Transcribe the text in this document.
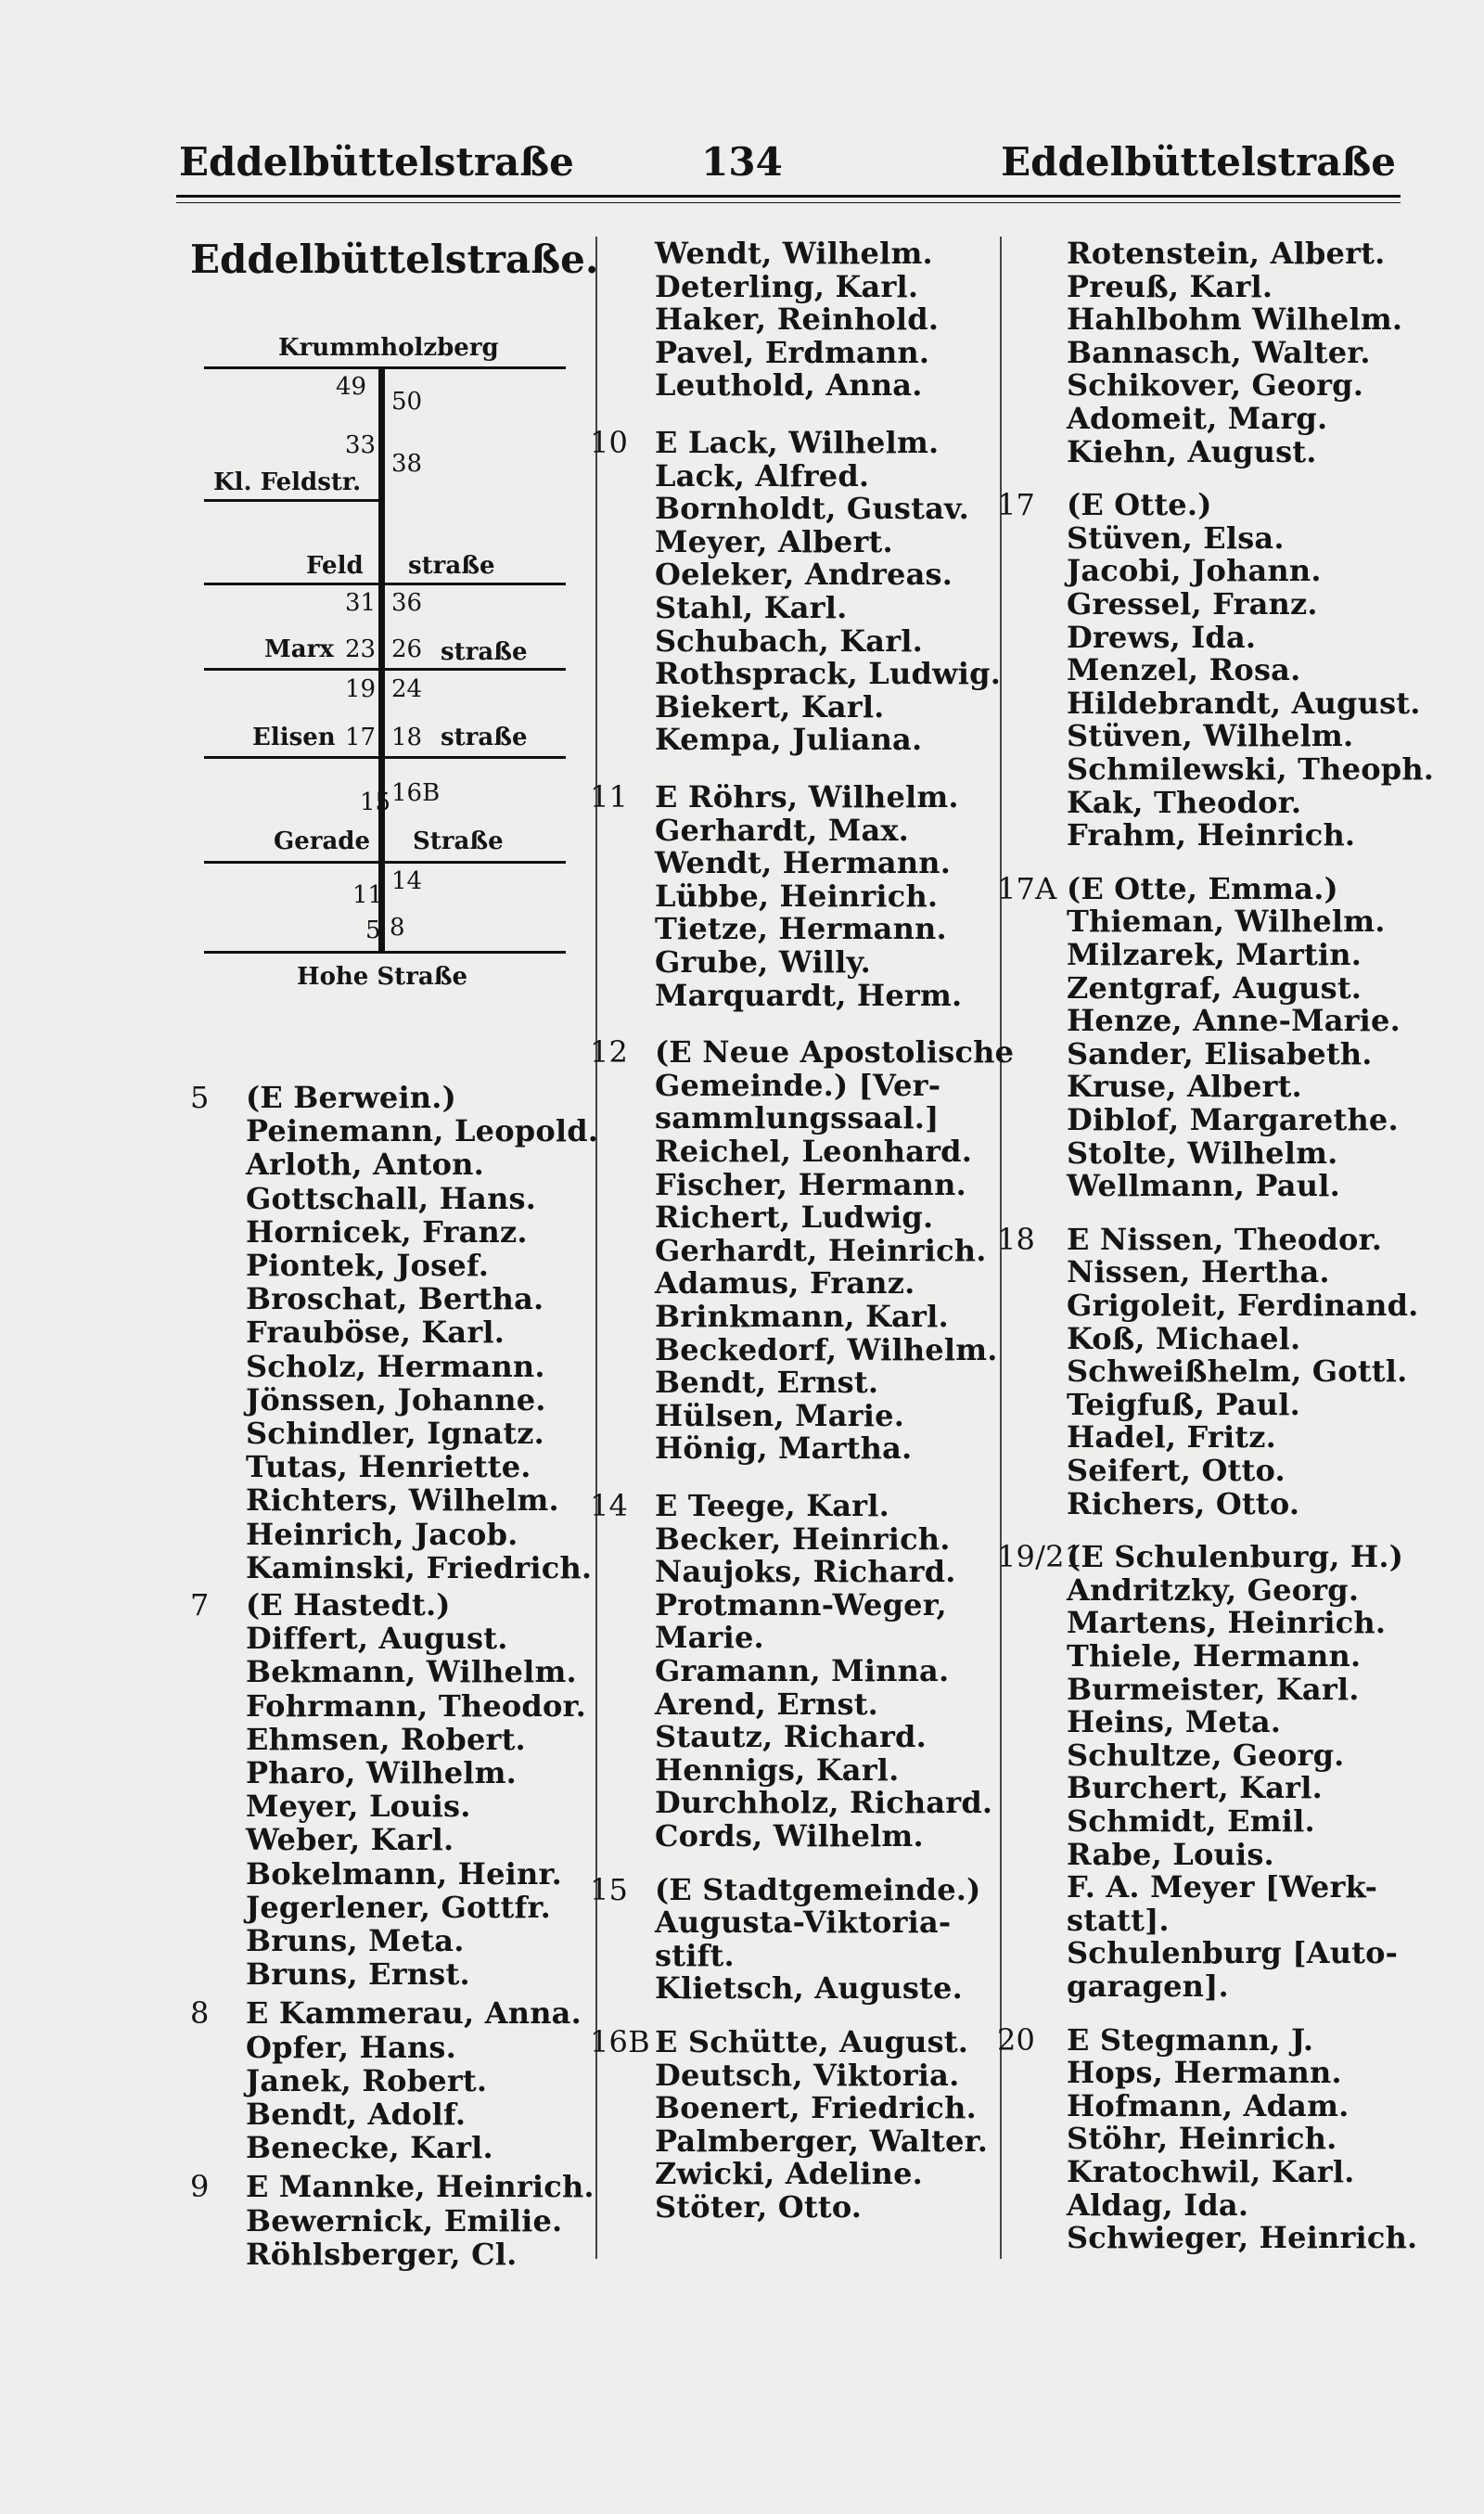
Eddelbüttelstraße	134	Eddelbüttelstraße
Eddelbüttelstraße.
Krummholzberg
49
50
33
38
Kl. Feldstr.
Feld straße
31 36
Marx 23 26 straße
19 24
Elisen 17 18 straße
15 16B
Gerade Straße
11 14
5 8
Hohe Straße
5 (E Berwein.)
Peinemann, Leopold.
Arloth, Anton.
Gottschall, Hans.
Hornicek, Franz.
Piontek, Josef.
Broschat, Bertha.
Frauböse, Karl.
Scholz, Hermann.
Jönssen, Johanne.
Schindler, Ignatz.
Tutas, Henriette.
Richters, Wilhelm.
Heinrich, Jacob.
Kaminski, Friedrich.
7 (E Hastedt.)
Differt, August.
Bekmann, Wilhelm.
Fohrmann, Theodor.
Ehmsen, Robert.
Pharo, Wilhelm.
Meyer, Louis.
Weber, Karl.
Bokelmann, Heinr.
Jegerlener, Gottfr.
Bruns, Meta.
Bruns, Ernst.
8 E Kammerau, Anna.
Opfer, Hans.
Janek, Robert.
Bendt, Adolf.
Benecke, Karl.
9 E Mannke, Heinrich.
Bewernick, Emilie.
Röhlsberger, Cl.
Wendt, Wilhelm.
Deterling, Karl.
Haker, Reinhold.
Pavel, Erdmann.
Leuthold, Anna.
10 E Lack, Wilhelm.
Lack, Alfred.
Bornholdt, Gustav.
Meyer, Albert.
Oeleker, Andreas.
Stahl, Karl.
Schubach, Karl.
Rothsprack, Ludwig.
Biekert, Karl.
Kempa, Juliana.
11 E Röhrs, Wilhelm.
Gerhardt, Max.
Wendt, Hermann.
Lübbe, Heinrich.
Tietze, Hermann.
Grube, Willy.
Marquardt, Herm.
12 (E Neue Apostolische
Gemeinde.) [Ver-
sammlungssaal.]
Reichel, Leonhard.
Fischer, Hermann.
Richert, Ludwig.
Gerhardt, Heinrich.
Adamus, Franz.
Brinkmann, Karl.
Beckedorf, Wilhelm.
Bendt, Ernst.
Hülsen, Marie.
Hönig, Martha.
14 E Teege, Karl.
Becker, Heinrich.
Naujoks, Richard.
Protmann-Weger,
Marie.
Gramann, Minna.
Arend, Ernst.
Stautz, Richard.
Hennigs, Karl.
Durchholz, Richard.
Cords, Wilhelm.
15 (E Stadtgemeinde.)
Augusta-Viktoria-
stift.
Klietsch, Auguste.
16B E Schütte, August.
Deutsch, Viktoria.
Boenert, Friedrich.
Palmberger, Walter.
Zwicki, Adeline.
Stöter, Otto.
Rotenstein, Albert.
Preuß, Karl.
Hahlbohm Wilhelm.
Bannasch, Walter.
Schikover, Georg.
Adomeit, Marg.
Kiehn, August.
17 (E Otte.)
Stüven, Elsa.
Jacobi, Johann.
Gressel, Franz.
Drews, Ida.
Menzel, Rosa.
Hildebrandt, August.
Stüven, Wilhelm.
Schmilewski, Theoph.
Kak, Theodor.
Frahm, Heinrich.
17A (E Otte, Emma.)
Thieman, Wilhelm.
Milzarek, Martin.
Zentgraf, August.
Henze, Anne-Marie.
Sander, Elisabeth.
Kruse, Albert.
Diblof, Margarethe.
Stolte, Wilhelm.
Wellmann, Paul.
18 E Nissen, Theodor.
Nissen, Hertha.
Grigoleit, Ferdinand.
Koß, Michael.
Schweißhelm, Gottl.
Teigfuß, Paul.
Hadel, Fritz.
Seifert, Otto.
Richers, Otto.
19/21
(E Schulenburg, H.)
Andritzky, Georg.
Martens, Heinrich.
Thiele, Hermann.
Burmeister, Karl.
Heins, Meta.
Schultze, Georg.
Burchert, Karl.
Schmidt, Emil.
Rabe, Louis.
F. A. Meyer [Werk-
statt].
Schulenburg [Auto-
garagen].
20 E Stegmann, J.
Hops, Hermann.
Hofmann, Adam.
Stöhr, Heinrich.
Kratochwil, Karl.
Aldag, Ida.
Schwieger, Heinrich.
